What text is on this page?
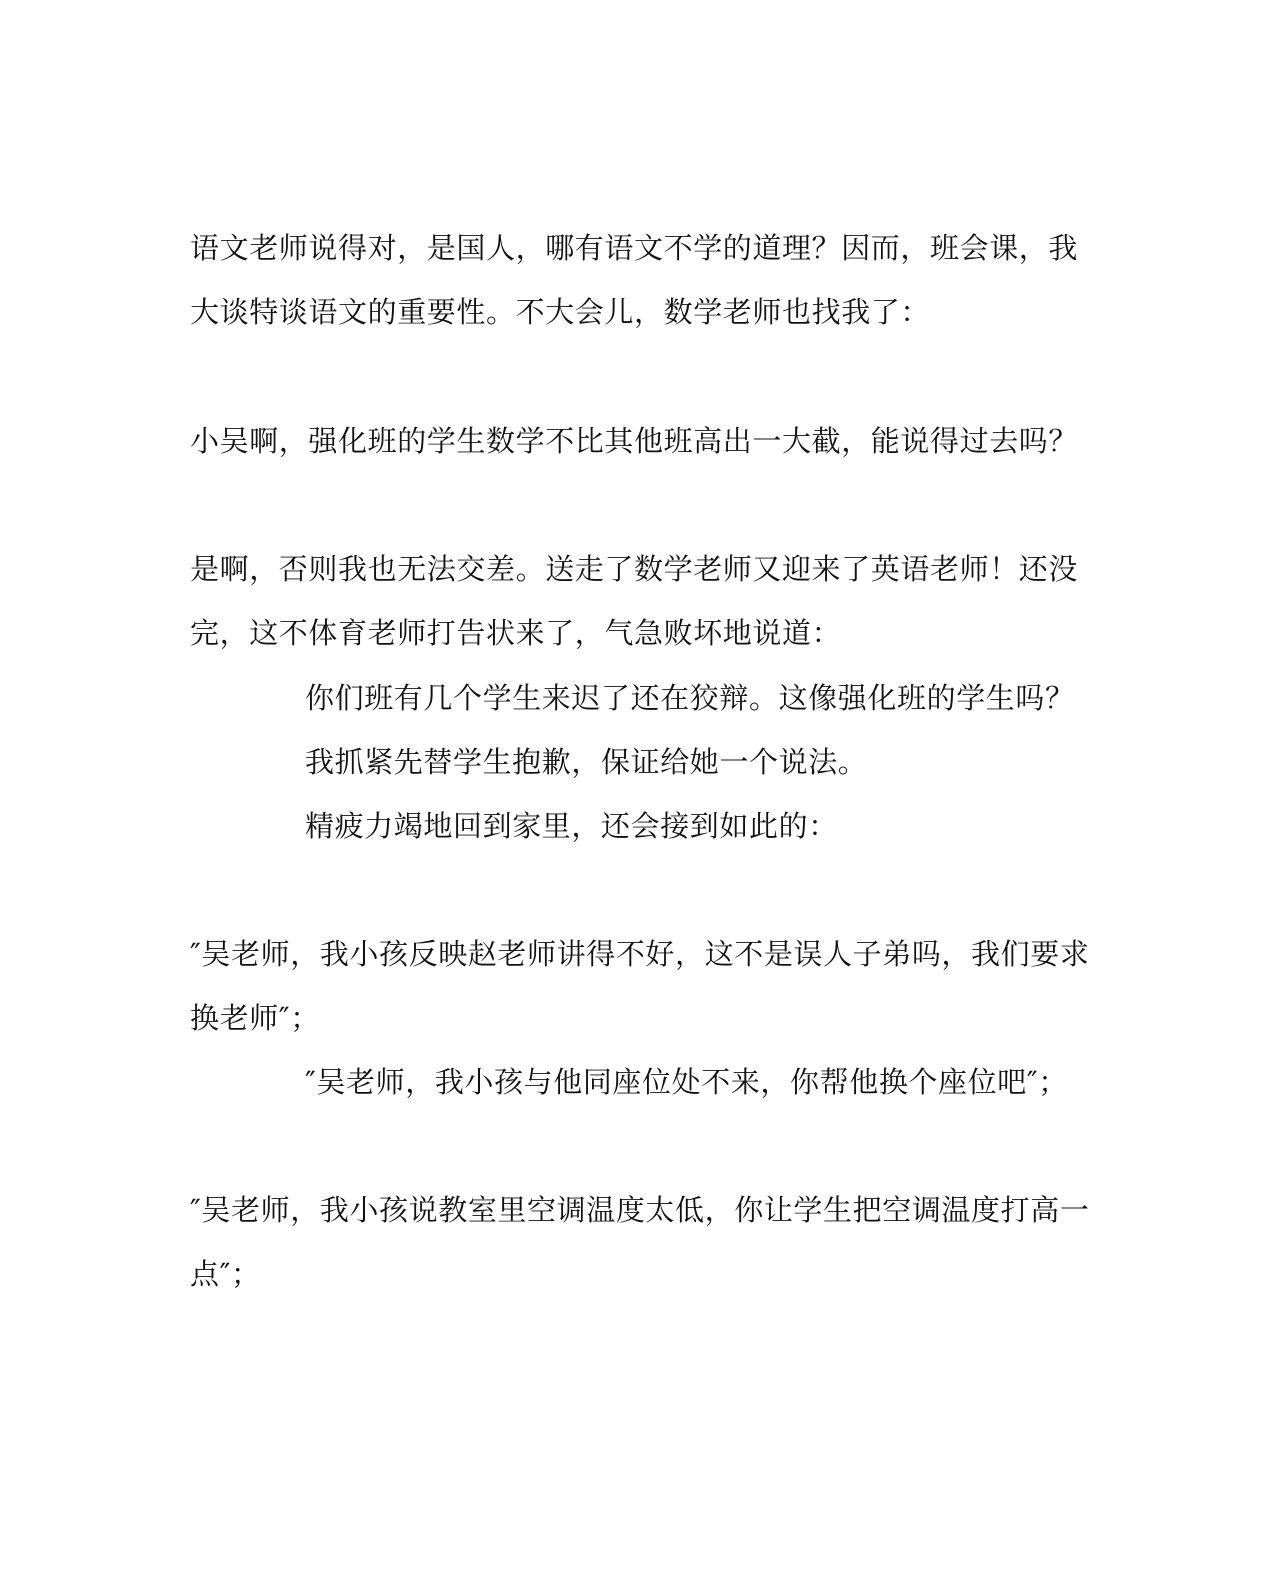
语文老师说得对，是国人，哪有语文不学的道理？因而，班会课，我
大谈特谈语文的重要性。不大会儿，数学老师也找我了：
小吴啊，强化班的学生数学不比其他班高出一大截，能说得过去吗？
是啊，否则我也无法交差。送走了数学老师又迎来了英语老师！还没
完，这不体育老师打告状来了，气急败坏地说道：
你们班有几个学生来迟了还在狡辩。这像强化班的学生吗？
我抓紧先替学生抱歉，保证给她一个说法。
精疲力竭地回到家里，还会接到如此的：
″吴老师，我小孩反映赵老师讲得不好，这不是误人子弟吗，我们要求
换老师″；
″吴老师，我小孩与他同座位处不来，你帮他换个座位吧″；
″吴老师，我小孩说教室里空调温度太低，你让学生把空调温度打高一
点″；
